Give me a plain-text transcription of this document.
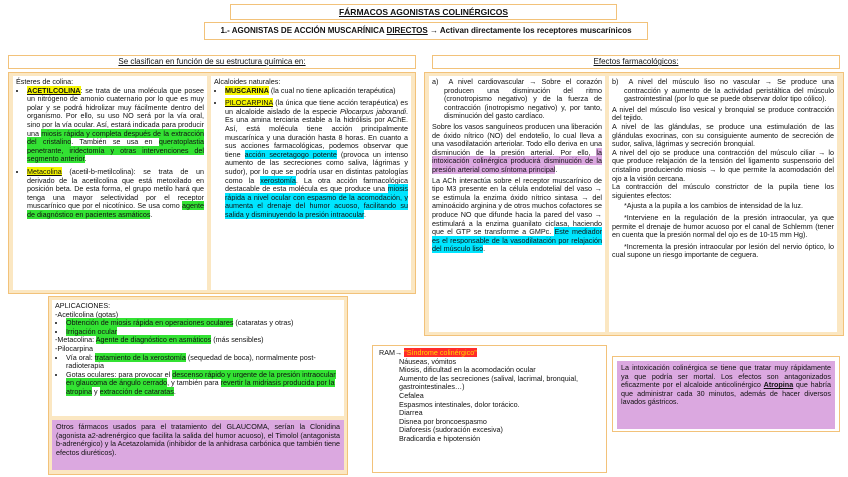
FÁRMACOS AGONISTAS COLINÉRGICOS
1.- AGONISTAS DE ACCIÓN MUSCARÍNICA DIRECTOS → Activan directamente los receptores muscarínicos
Se clasifican en función de su estructura química en:	Efectos farmacológicos:

Ésteres de colina:

• ACETILCOLINA: se trata de una molécula que posee un nitrógeno de amonio cuaternario por lo que es muy polar y se podrá hidrolizar muy fácilmente dentro del organismo. Por ello, su uso NO será por la vía oral, sino por la vía ocular. Así, estará indicada para producir una miosis rápida y completa después de la extracción del cristalino. También se usa en queratoplastia penetrante, iridectomía y otras intervenciones del segmento anterior.
• Metacolina (acetil-b-metilcolina): se trata de un derivado de la acetilcolina que está metoxilado en posición beta. De esta forma, el grupo metilo hará que tenga una mayor selectividad por el receptor muscarínico que por el nicotínico. Se usa como agente de diagnóstico en pacientes asmáticos.

Alcaloides naturales:

• MUSCARINA (la cual no tiene aplicación terapéutica)
• PILOCARPINA (la única que tiene acción terapéutica) es un alcaloide aislado de la especie Pilocarpus jaborandi. Es una amina terciaria estable a la hidrólisis por AChE. Así, está molécula tiene acción principalmente muscarínica y una duración hasta 8 horas. En cuanto a sus acciones farmacológicas, podemos observar que tiene acción secretagogo potente (provoca un intenso aumento de las secreciones como saliva, lágrimas y sudor), por lo que se podría usar en distintas patologías como la xerostomía. La otra acción farmacológica destacable de esta molécula es que produce una miosis rápida a nivel ocular con espasmo de la acomodación, y aumenta el drenaje del humor acuoso, facilitando su salida y disminuyendo la presión intraocular.

APLICACIONES:

-Acetilcolina (gotas)

• Obtención de miosis rápida en operaciones oculares (cataratas y otras)
• Irrigación ocular

-Metacolina: Agente de diagnóstico en asmáticos (más sensibles)

-Pilocarpina

• Vía oral: tratamiento de la xerostomía (sequedad de boca), normalmente post-radioterapia
• Gotas oculares: para provocar el descenso rápido y urgente de la presión intraocular en glaucoma de ángulo cerrado, y también para revertir la midriasis producida por la atropina y extracción de cataratas.
Otros fármacos usados para el tratamiento del GLAUCOMA, serían la Clonidina (agonista a2-adrenérgico que facilita la salida del humor acuoso), el Timolol (antagonista b-adrenérgico) y la Acetazolamida (inhibidor de la anhidrasa carbónica que también tiene efectos diuréticos).

a) A nivel cardiovascular → Sobre el corazón producen una disminución del ritmo (cronotropismo negativo) y de la fuerza de contracción (inotropismo negativo) y, por tanto, disminución del gasto cardíaco.

Sobre los vasos sanguíneos producen una liberación de óxido nítrico (NO) del endotelio, lo cual lleva a una vasodilatación arteriolar. Todo ello deriva en una disminución de la presión arterial. Por ello, la intoxicación colinérgica producirá disminución de la presión arterial como síntoma principal.

La ACh interactúa sobre el receptor muscarínico de tipo M3 presente en la célula endotelial del vaso → se estimula la enzima óxido nítrico sintasa → del aminoácido arginina y de otros muchos cofactores se produce NO que difunde hacia la pared del vaso → estimulará a la enzima guanilato ciclasa, haciendo que el GTP se transforme a GMPc. Este mediador es el responsable de la vasodilatación por relajación del músculo liso.

b) A nivel del músculo liso no vascular → Se produce una contracción y aumento de la actividad peristáltica del músculo gastrointestinal (por lo que se puede observar dolor tipo cólico).

A nivel del músculo liso vesical y bronquial se produce contracción del tejido.

A nivel de las glándulas, se produce una estimulación de las glándulas exocrinas, con su consiguiente aumento de secreción de sudor, saliva, lágrimas y secreción bronquial.

A nivel del ojo se produce una contracción del músculo ciliar → lo que produce relajación de la tensión del ligamento suspensorio del cristalino produciendo miosis → lo que permite la acomodación del ojo a la visión cercana.

La contracción del músculo constrictor de la pupila tiene los siguientes efectos:

*Ajusta a la pupila a los cambios de intensidad de la luz.

*Interviene en la regulación de la presión intraocular, ya que permite el drenaje de humor acuoso por el canal de Schlemm (tener en cuenta que la presión normal del ojo es de 10-15 mm Hg).

*Incrementa la presión intraocular por lesión del nervio óptico, lo cual supone un riesgo importante de ceguera.

RAM→ "Síndrome colinérgico"

Náuseas, vómitos

Miosis, dificultad en la acomodación ocular

Aumento de las secreciones (salival, lacrimal, bronquial, gastrointestinales…)

Cefalea

Espasmos intestinales, dolor torácico.

Diarrea

Disnea por broncoespasmo

Diaforesis (sudoración excesiva)

Bradicardia e hipotensión

La intoxicación colinérgica se tiene que tratar muy rápidamente ya que podría ser mortal. Los efectos son antagonizados eficazmente por el alcaloide anticolinérgico Atropina que habría que administrar cada 30 minutos, además de hacer diversos lavados gástricos.
